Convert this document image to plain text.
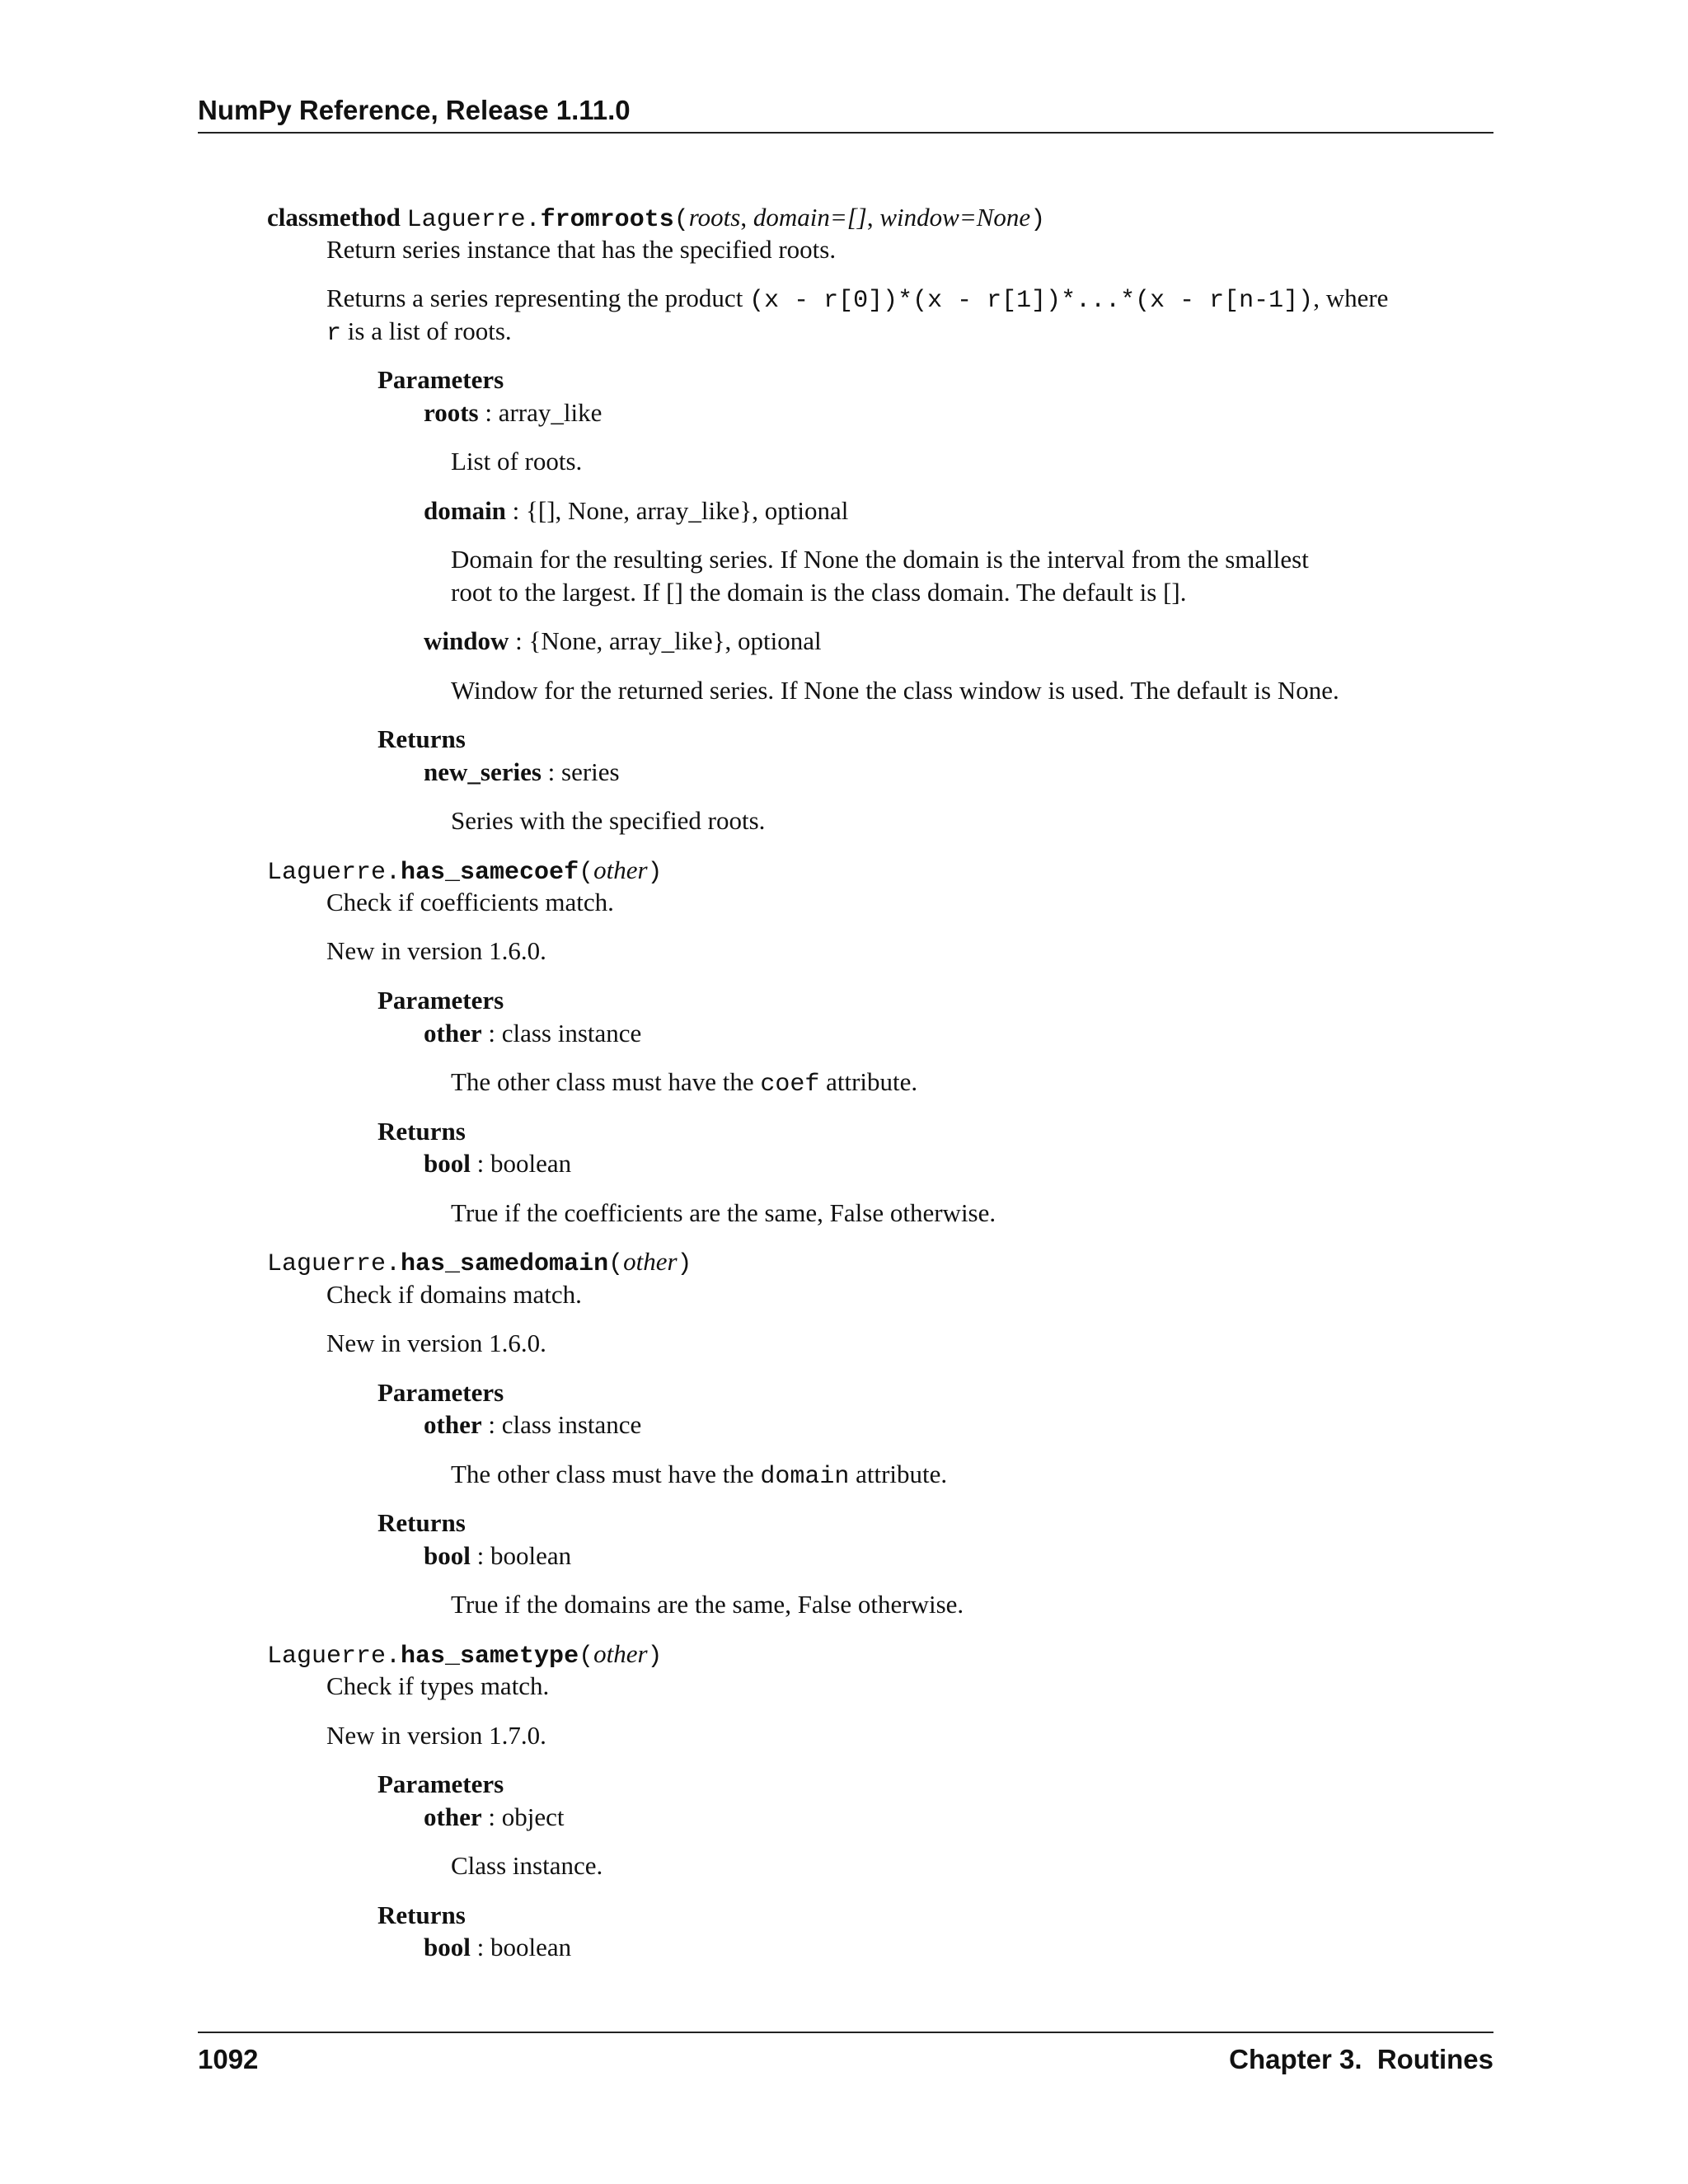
NumPy Reference, Release 1.11.0
classmethod Laguerre.fromroots(roots, domain=[], window=None)
Return series instance that has the specified roots.
Returns a series representing the product (x - r[0])*(x - r[1])*...*(x - r[n-1]), where
r is a list of roots.
Parameters
roots : array_like
List of roots.
domain : {[], None, array_like}, optional
Domain for the resulting series. If None the domain is the interval from the smallest
root to the largest. If [] the domain is the class domain. The default is [].
window : {None, array_like}, optional
Window for the returned series. If None the class window is used. The default is None.
Returns
new_series : series
Series with the specified roots.
Laguerre.has_samecoef(other)
Check if coefficients match.
New in version 1.6.0.
Parameters
other : class instance
The other class must have the coef attribute.
Returns
bool : boolean
True if the coefficients are the same, False otherwise.
Laguerre.has_samedomain(other)
Check if domains match.
New in version 1.6.0.
Parameters
other : class instance
The other class must have the domain attribute.
Returns
bool : boolean
True if the domains are the same, False otherwise.
Laguerre.has_sametype(other)
Check if types match.
New in version 1.7.0.
Parameters
other : object
Class instance.
Returns
bool : boolean
1092	Chapter 3.  Routines
